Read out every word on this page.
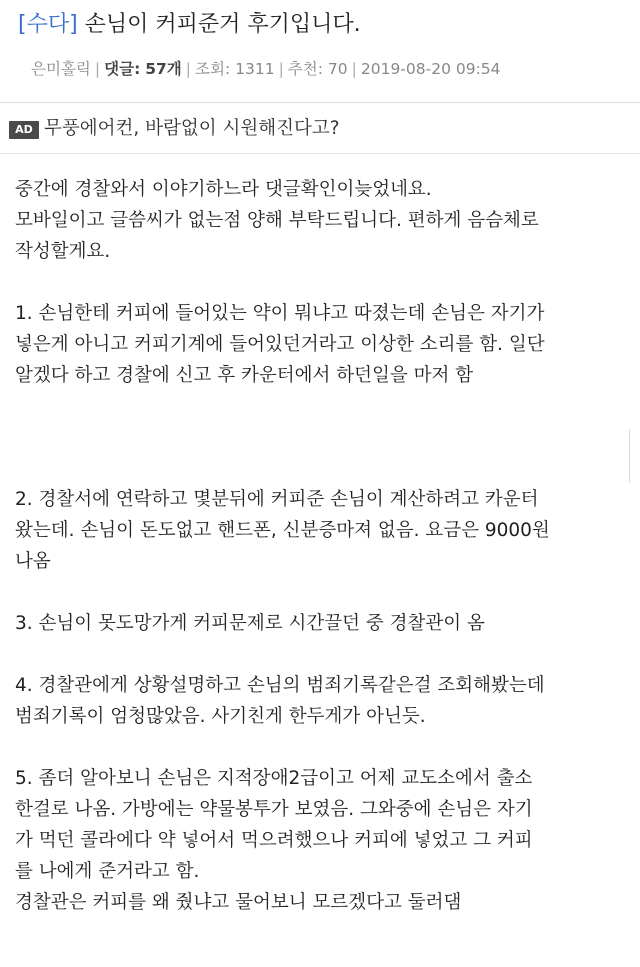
[수다] 손님이 커피준거 후기입니다.
은미홀릭 | 댓글: 57개 | 조회: 1311 | 추천: 70 | 2019-08-20 09:54
AD 무풍에어컨, 바람없이 시원해진다고?
중간에 경찰와서 이야기하느라 댓글확인이늦었네요.
모바일이고 글씀씨가 없는점 양해 부탁드립니다. 편하게 음슴체로
작성할게요.
1. 손님한테 커피에 들어있는 약이 뭐냐고 따졌는데 손님은 자기가
넣은게 아니고 커피기계에 들어있던거라고 이상한 소리를 함. 일단
알겠다 하고 경찰에 신고 후 카운터에서 하던일을 마저 함
2. 경찰서에 연락하고 몇분뒤에 커피준 손님이 계산하려고 카운터
왔는데. 손님이 돈도없고 핸드폰, 신분증마져 없음. 요금은 9000원
나옴
3. 손님이 못도망가게 커피문제로 시간끌던 중 경찰관이 옴
4. 경찰관에게 상황설명하고 손님의 범죄기록같은걸 조회해봤는데
범죄기록이 엄청많았음. 사기친게 한두게가 아닌듯.
5. 좀더 알아보니 손님은 지적장애2급이고 어제 교도소에서 출소
한걸로 나옴. 가방에는 약물봉투가 보였음. 그와중에 손님은 자기
가 먹던 콜라에다 약 넣어서 먹으려했으나 커피에 넣었고 그 커피
를 나에게 준거라고 함.
경찰관은 커피를 왜 줬냐고 물어보니 모르겠다고 둘러댐
